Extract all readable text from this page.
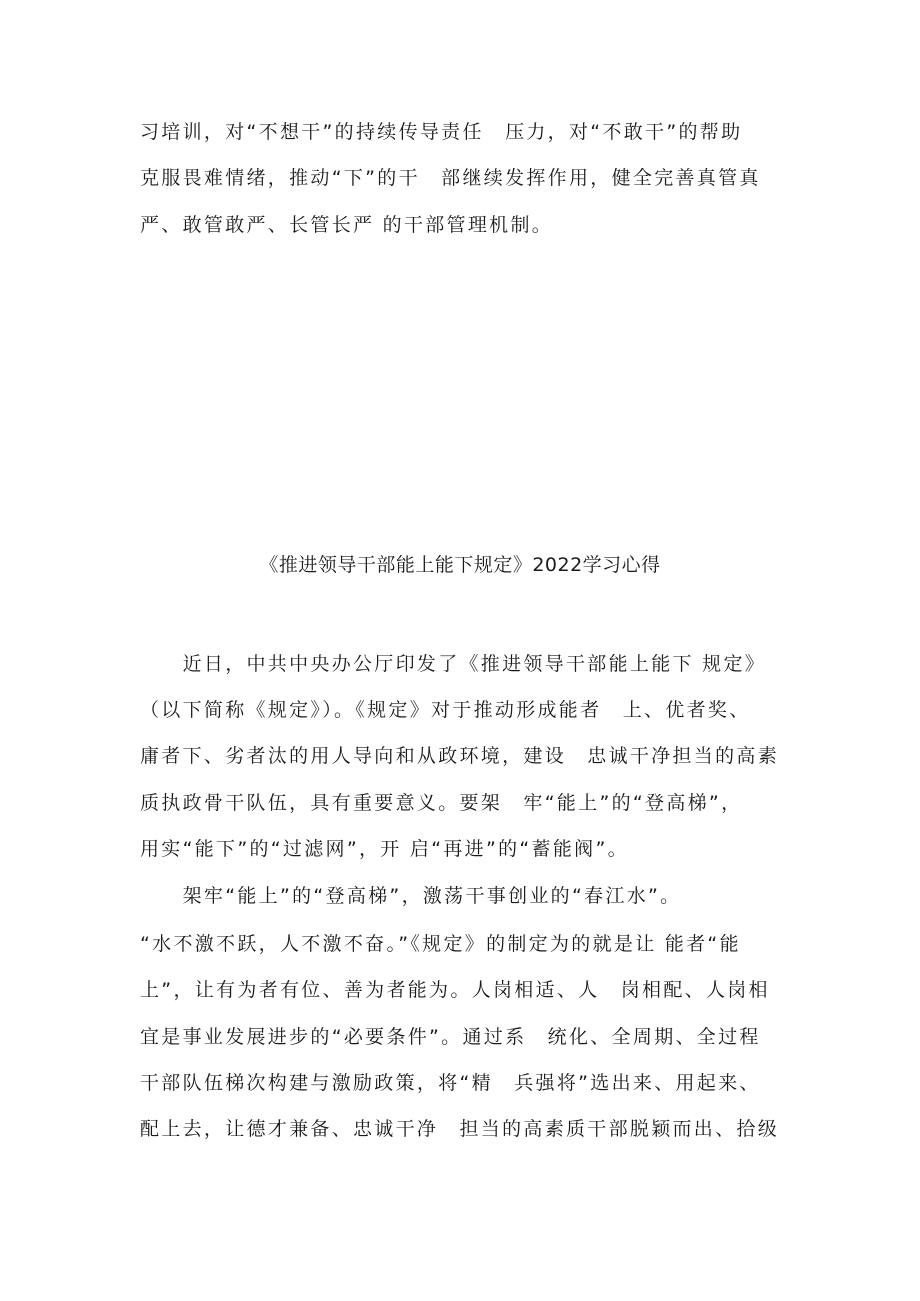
习培训，对“不想干”的持续传导责任　压力，对“不敢干”的帮助
克服畏难情绪，推动“下”的干　部继续发挥作用，健全完善真管真
严、敢管敢严、长管长严 的干部管理机制。
《推进领导干部能上能下规定》2022学习心得
　　近日，中共中央办公厅印发了《推进领导干部能上能下 规定》
（以下简称《规定》）。《规定》对于推动形成能者　上、优者奖、
庸者下、劣者汰的用人导向和从政环境，建设　忠诚干净担当的高素
质执政骨干队伍，具有重要意义。要架　牢“能上”的“登高梯”，
用实“能下”的“过滤网”，开 启“再进”的“蓄能阀”。
　　架牢“能上”的“登高梯”，激荡干事创业的“春江水”。
“水不激不跃，人不激不奋。”《规定》的制定为的就是让 能者“能
上”，让有为者有位、善为者能为。人岗相适、人　岗相配、人岗相
宜是事业发展进步的“必要条件”。通过系　统化、全周期、全过程
干部队伍梯次构建与激励政策，将“精　兵强将”选出来、用起来、
配上去，让德才兼备、忠诚干净　担当的高素质干部脱颖而出、拾级
